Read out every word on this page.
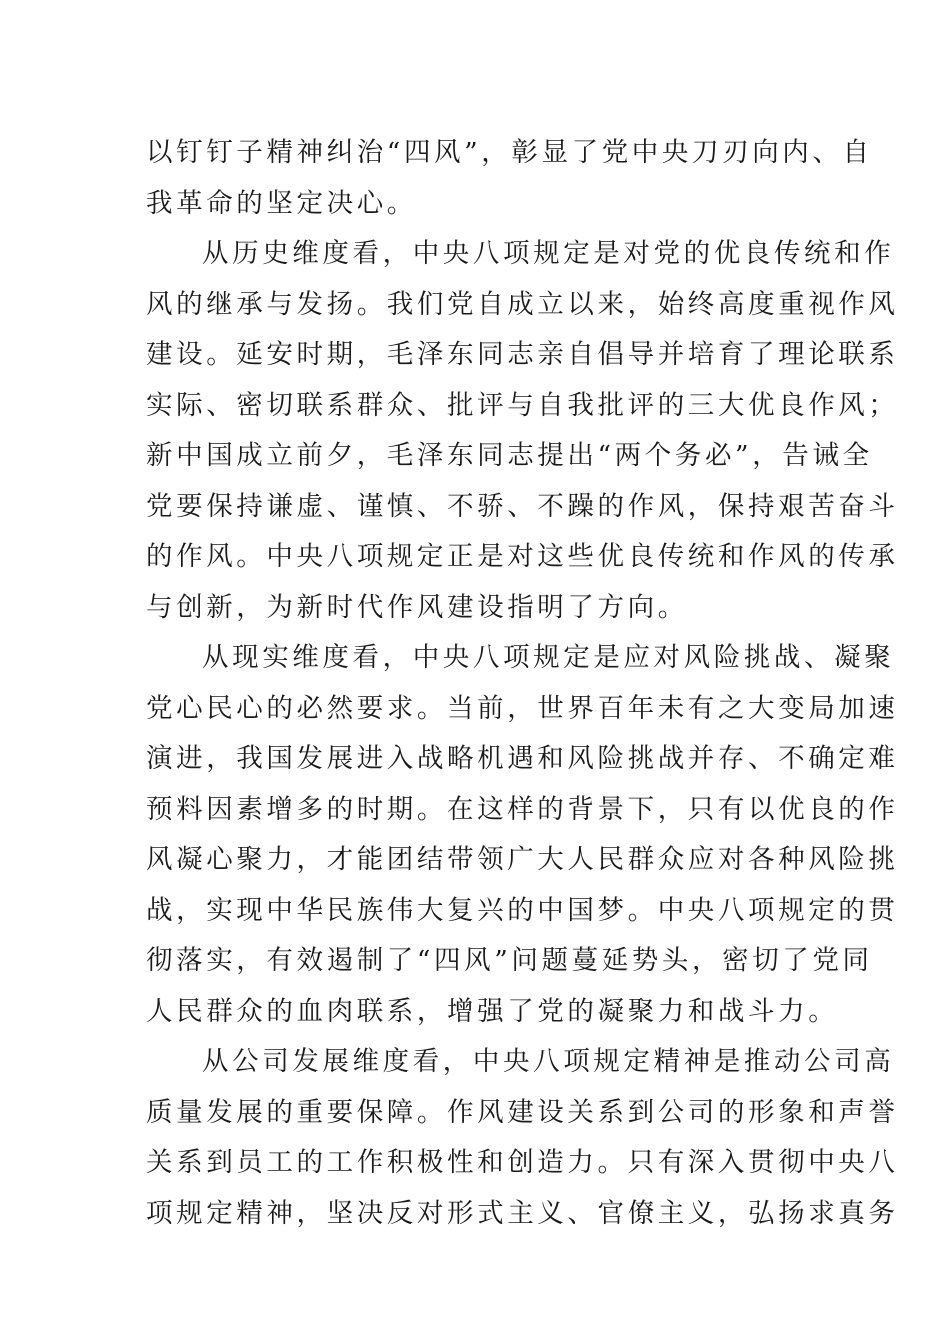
以钉钉子精神纠治“四风”，彰显了党中央刀刃向内、自
我革命的坚定决心。
从历史维度看，中央八项规定是对党的优良传统和作
风的继承与发扬。我们党自成立以来，始终高度重视作风
建设。延安时期，毛泽东同志亲自倡导并培育了理论联系
实际、密切联系群众、批评与自我批评的三大优良作风；
新中国成立前夕，毛泽东同志提出“两个务必”，告诫全
党要保持谦虚、谨慎、不骄、不躁的作风，保持艰苦奋斗
的作风。中央八项规定正是对这些优良传统和作风的传承
与创新，为新时代作风建设指明了方向。
从现实维度看，中央八项规定是应对风险挑战、凝聚
党心民心的必然要求。当前，世界百年未有之大变局加速
演进，我国发展进入战略机遇和风险挑战并存、不确定难
预料因素增多的时期。在这样的背景下，只有以优良的作
风凝心聚力，才能团结带领广大人民群众应对各种风险挑
战，实现中华民族伟大复兴的中国梦。中央八项规定的贯
彻落实，有效遏制了“四风”问题蔓延势头，密切了党同
人民群众的血肉联系，增强了党的凝聚力和战斗力。
从公司发展维度看，中央八项规定精神是推动公司高
质量发展的重要保障。作风建设关系到公司的形象和声誉
关系到员工的工作积极性和创造力。只有深入贯彻中央八
项规定精神，坚决反对形式主义、官僚主义，弘扬求真务
